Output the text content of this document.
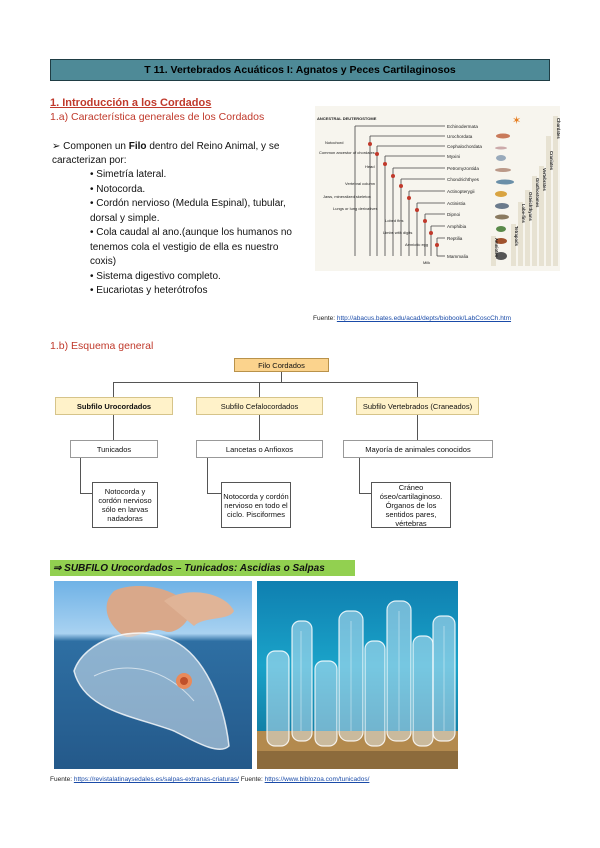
T 11. Vertebrados Acuáticos I: Agnatos y Peces Cartilaginosos
1. Introducción a los Cordados
1.a) Característica generales de los Cordados
➢ Componen un Filo dentro del Reino Animal, y se caracterizan por:
• Simetría lateral.
• Notocorda.
• Cordón nervioso (Medula Espinal), tubular, dorsal y simple.
• Cola caudal al ano.(aunque los humanos no tenemos cola el vestigio de ella es nuestro coxis)
• Sistema digestivo completo.
• Eucariotas y heterótrofos
Echinodermata
Urochordata
Cephalochordata
Myxini
Petromyzontida
Chondrichthyes
Actinopterygii
Actinistia
Dipnoi
Amphibia
Reptilia
Mammalia
ANCESTRAL DEUTEROSTOME
Notochord
Common ancestor of chordates
Head
Vertebral column
Jaws, mineralized skeleton
Lungs or lung derivatives
Lobed fins
Limbs with digits
Amniotic egg
Milk
✶	Chordates
Craniates
Vertebrates
Gnathostomes
Osteichthyans
Lobe-fins
Tetrapods
Amniotes
Fuente: http://abacus.bates.edu/acad/depts/biobook/LabCoscCh.htm
1.b) Esquema general
Filo Cordados
Subfilo Urocordados	Subfilo Cefalocordados	Subfilo Vertebrados (Craneados)
Tunicados	Lancetas o Anfioxos	Mayoría de animales conocidos
Notocorda y cordón nervioso sólo en larvas nadadoras
Notocorda y cordón nervioso en todo el ciclo. Pisciformes
Cráneo óseo/cartilaginoso. Órganos de los sentidos pares, vértebras
⇒ SUBFILO Urocordados – Tunicados: Ascidias o Salpas
Fuente: https://revistalatinaysedales.es/salpas-extranas-criaturas/ Fuente: https://www.biblozoa.com/tunicados/
